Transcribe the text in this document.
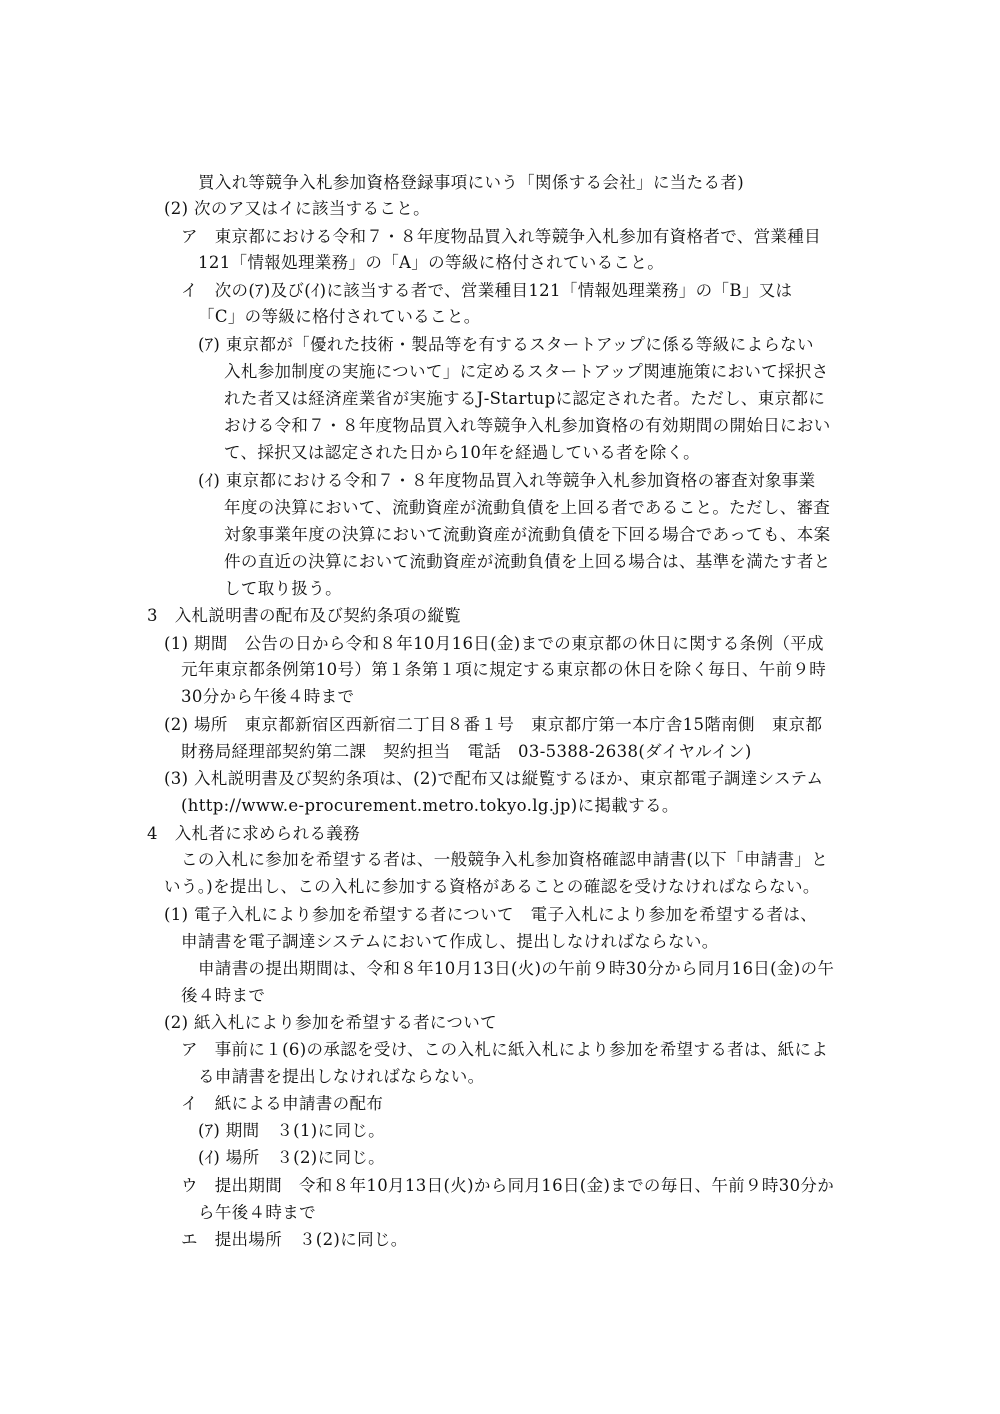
買入れ等競争入札参加資格登録事項にいう「関係する会社」に当たる者)
(2) 次のア又はイに該当すること。
ア　東京都における令和７・８年度物品買入れ等競争入札参加有資格者で、営業種目
121「情報処理業務」の「A」の等級に格付されていること。
イ　次の(ｱ)及び(ｲ)に該当する者で、営業種目121「情報処理業務」の「B」又は
「C」の等級に格付されていること。
(ｱ) 東京都が「優れた技術・製品等を有するスタートアップに係る等級によらない
入札参加制度の実施について」に定めるスタートアップ関連施策において採択さ
れた者又は経済産業省が実施するJ-Startupに認定された者。ただし、東京都に
おける令和７・８年度物品買入れ等競争入札参加資格の有効期間の開始日におい
て、採択又は認定された日から10年を経過している者を除く。
(ｲ) 東京都における令和７・８年度物品買入れ等競争入札参加資格の審査対象事業
年度の決算において、流動資産が流動負債を上回る者であること。ただし、審査
対象事業年度の決算において流動資産が流動負債を下回る場合であっても、本案
件の直近の決算において流動資産が流動負債を上回る場合は、基準を満たす者と
して取り扱う。
3　入札説明書の配布及び契約条項の縦覧
(1) 期間　公告の日から令和８年10月16日(金)までの東京都の休日に関する条例（平成
元年東京都条例第10号）第１条第１項に規定する東京都の休日を除く毎日、午前９時
30分から午後４時まで
(2) 場所　東京都新宿区西新宿二丁目８番１号　東京都庁第一本庁舎15階南側　東京都
財務局経理部契約第二課　契約担当　電話　03-5388-2638(ダイヤルイン)
(3) 入札説明書及び契約条項は、(2)で配布又は縦覧するほか、東京都電子調達システム
(http://www.e-procurement.metro.tokyo.lg.jp)に掲載する。
4　入札者に求められる義務
この入札に参加を希望する者は、一般競争入札参加資格確認申請書(以下「申請書」と
いう。)を提出し、この入札に参加する資格があることの確認を受けなければならない。
(1) 電子入札により参加を希望する者について　電子入札により参加を希望する者は、
申請書を電子調達システムにおいて作成し、提出しなければならない。
申請書の提出期間は、令和８年10月13日(火)の午前９時30分から同月16日(金)の午
後４時まで
(2) 紙入札により参加を希望する者について
ア　事前に１(6)の承認を受け、この入札に紙入札により参加を希望する者は、紙によ
る申請書を提出しなければならない。
イ　紙による申請書の配布
(ｱ) 期間　３(1)に同じ。
(ｲ) 場所　３(2)に同じ。
ウ　提出期間　令和８年10月13日(火)から同月16日(金)までの毎日、午前９時30分か
ら午後４時まで
エ　提出場所　３(2)に同じ。
